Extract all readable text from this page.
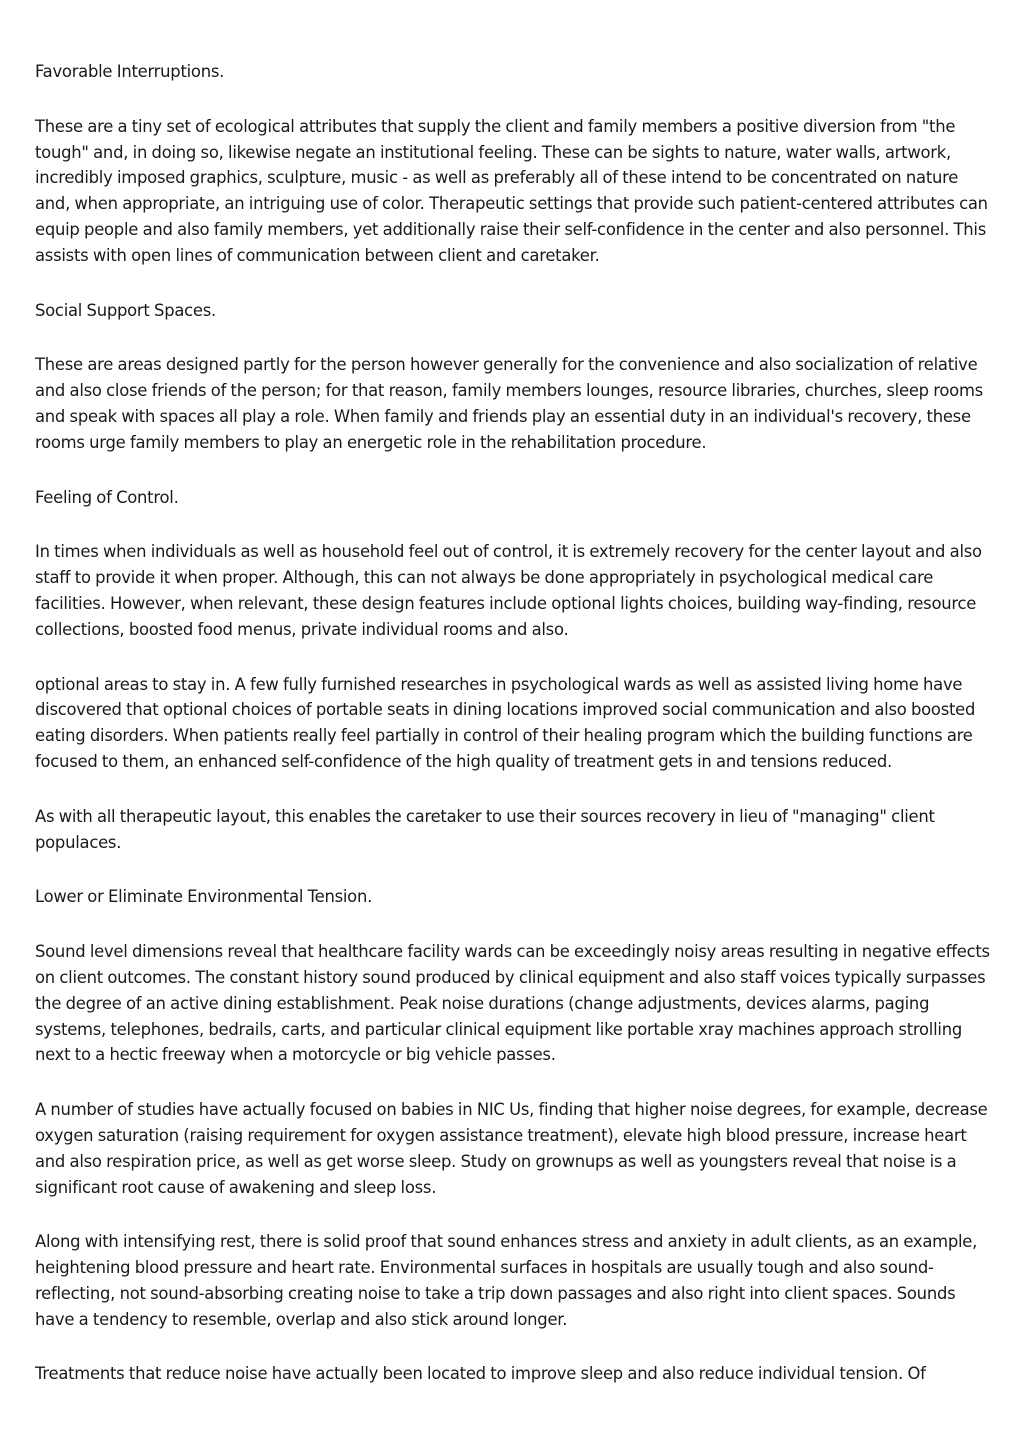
Favorable Interruptions.

These are a tiny set of ecological attributes that supply the client and family members a positive diversion from "the tough" and, in doing so, likewise negate an institutional feeling. These can be sights to nature, water walls, artwork, incredibly imposed graphics, sculpture, music - as well as preferably all of these intend to be concentrated on nature and, when appropriate, an intriguing use of color. Therapeutic settings that provide such patient-centered attributes can equip people and also family members, yet additionally raise their self-confidence in the center and also personnel. This assists with open lines of communication between client and caretaker.

Social Support Spaces.

These are areas designed partly for the person however generally for the convenience and also socialization of relative and also close friends of the person; for that reason, family members lounges, resource libraries, churches, sleep rooms and speak with spaces all play a role. When family and friends play an essential duty in an individual's recovery, these rooms urge family members to play an energetic role in the rehabilitation procedure.

Feeling of Control.

In times when individuals as well as household feel out of control, it is extremely recovery for the center layout and also staff to provide it when proper. Although, this can not always be done appropriately in psychological medical care facilities. However, when relevant, these design features include optional lights choices, building way-finding, resource collections, boosted food menus, private individual rooms and also.

optional areas to stay in. A few fully furnished researches in psychological wards as well as assisted living home have discovered that optional choices of portable seats in dining locations improved social communication and also boosted eating disorders. When patients really feel partially in control of their healing program which the building functions are focused to them, an enhanced self-confidence of the high quality of treatment gets in and tensions reduced.

As with all therapeutic layout, this enables the caretaker to use their sources recovery in lieu of "managing" client populaces.

Lower or Eliminate Environmental Tension.

Sound level dimensions reveal that healthcare facility wards can be exceedingly noisy areas resulting in negative effects on client outcomes. The constant history sound produced by clinical equipment and also staff voices typically surpasses the degree of an active dining establishment. Peak noise durations (change adjustments, devices alarms, paging systems, telephones, bedrails, carts, and particular clinical equipment like portable xray machines approach strolling next to a hectic freeway when a motorcycle or big vehicle passes.

A number of studies have actually focused on babies in NIC Us, finding that higher noise degrees, for example, decrease oxygen saturation (raising requirement for oxygen assistance treatment), elevate high blood pressure, increase heart and also respiration price, as well as get worse sleep. Study on grownups as well as youngsters reveal that noise is a significant root cause of awakening and sleep loss.

Along with intensifying rest, there is solid proof that sound enhances stress and anxiety in adult clients, as an example, heightening blood pressure and heart rate. Environmental surfaces in hospitals are usually tough and also sound-reflecting, not sound-absorbing creating noise to take a trip down passages and also right into client spaces. Sounds have a tendency to resemble, overlap and also stick around longer.

Treatments that reduce noise have actually been located to improve sleep and also reduce individual tension. Of
